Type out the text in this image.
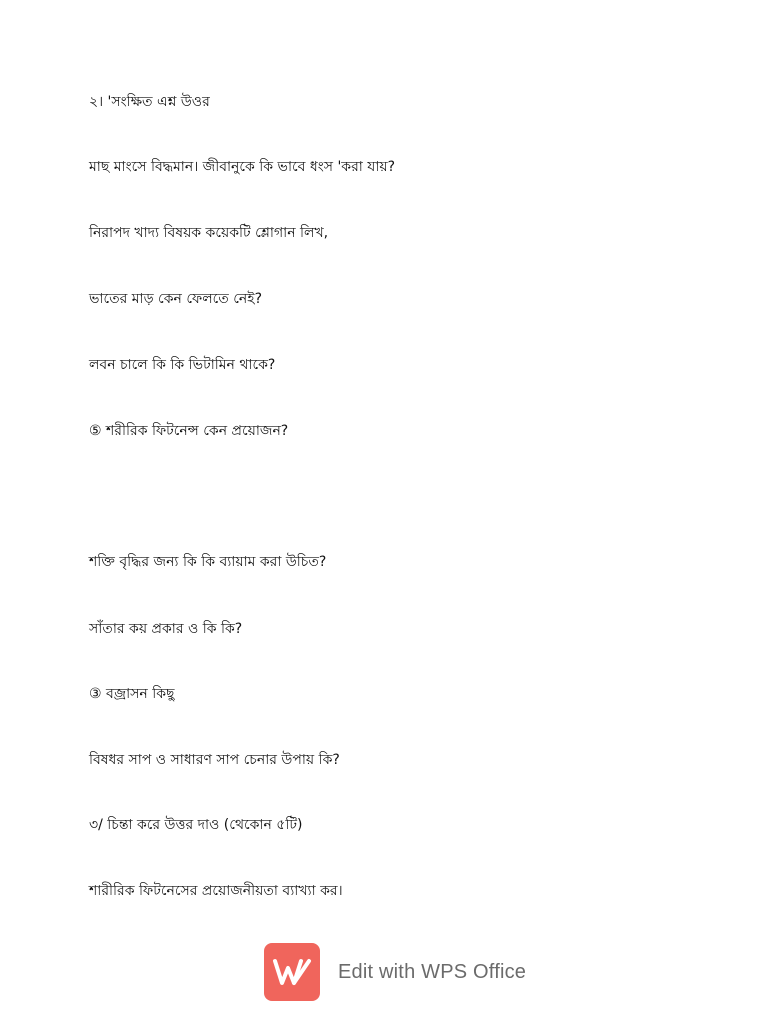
২। 'সংক্ষিত এশ্ন উওর
মাছ মাংসে বিদ্ধমান। জীবানুকে কি ভাবে ধংস 'করা যায়?
নিরাপদ খাদ্য বিষয়ক কয়েকটি শ্লোগান লিখ,
ভাতের মাড় কেন ফেলতে নেই?
লবন চালে কি কি ভিটামিন থাকে?
⑤ শরীরিক ফিটনেন্স কেন প্রয়োজন?
শক্তি বৃদ্ধির জন্য কি কি ব্যায়াম করা উচিত?
সাঁতার কয় প্রকার ও কি কি?
③ বজ্রাসন কিছু
বিষধর সাপ ও সাধারণ সাপ চেনার উপায় কি?
৩/ চিন্তা করে উত্তর দাও (থেকোন ৫টি)
শারীরিক ফিটনেসের প্রয়োজনীয়তা ব্যাখ্যা কর।
Edit with WPS Office
